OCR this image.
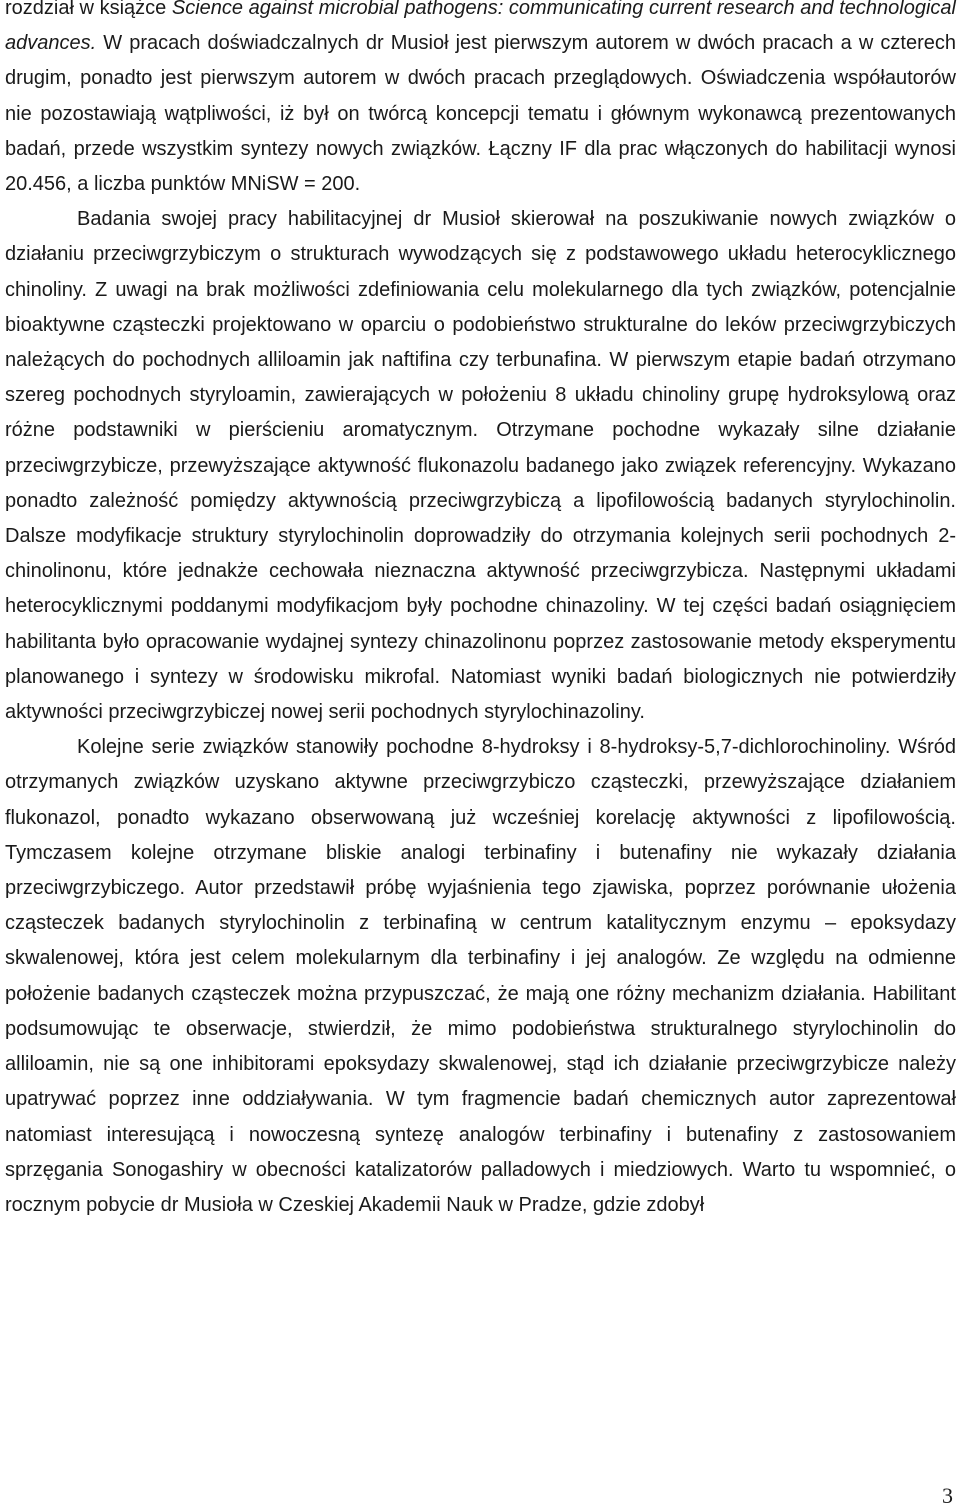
rozdział w książce Science against microbial pathogens: communicating current research and technological advances. W pracach doświadczalnych dr Musioł jest pierwszym autorem w dwóch pracach a w czterech drugim, ponadto jest pierwszym autorem w dwóch pracach przeglądowych. Oświadczenia współautorów nie pozostawiają wątpliwości, iż był on twórcą koncepcji tematu i głównym wykonawcą prezentowanych badań, przede wszystkim syntezy nowych związków. Łączny IF dla prac włączonych do habilitacji wynosi 20.456, a liczba punktów MNiSW = 200.

Badania swojej pracy habilitacyjnej dr Musioł skierował na poszukiwanie nowych związków o działaniu przeciwgrzybiczym o strukturach wywodzących się z podstawowego układu heterocyklicznego chinoliny. Z uwagi na brak możliwości zdefiniowania celu molekularnego dla tych związków, potencjalnie bioaktywne cząsteczki projektowano w oparciu o podobieństwo strukturalne do leków przeciwgrzybiczych należących do pochodnych alliloamin jak naftifina czy terbunafina. W pierwszym etapie badań otrzymano szereg pochodnych styryloamin, zawierających w położeniu 8 układu chinoliny grupę hydroksylową oraz różne podstawniki w pierścieniu aromatycznym. Otrzymane pochodne wykazały silne działanie przeciwgrzybicze, przewyższające aktywność flukonazolu badanego jako związek referencyjny. Wykazano ponadto zależność pomiędzy aktywnością przeciwgrzybiczą a lipofilowością badanych styrylochinolin. Dalsze modyfikacje struktury styrylochinolin doprowadziły do otrzymania kolejnych serii pochodnych 2-chinolinonu, które jednakże cechowała nieznaczna aktywność przeciwgrzybicza. Następnymi układami heterocyklicznymi poddanymi modyfikacjom były pochodne chinazoliny. W tej części badań osiągnięciem habilitanta było opracowanie wydajnej syntezy chinazolinonu poprzez zastosowanie metody eksperymentu planowanego i syntezy w środowisku mikrofal. Natomiast wyniki badań biologicznych nie potwierdziły aktywności przeciwgrzybiczej nowej serii pochodnych styrylochinazoliny.

Kolejne serie związków stanowiły pochodne 8-hydroksy i 8-hydroksy-5,7-dichlorochinoliny. Wśród otrzymanych związków uzyskano aktywne przeciwgrzybiczo cząsteczki, przewyższające działaniem flukonazol, ponadto wykazano obserwowaną już wcześniej korelację aktywności z lipofilowością. Tymczasem kolejne otrzymane bliskie analogi terbinafiny i butenafiny nie wykazały działania przeciwgrzybiczego. Autor przedstawił próbę wyjaśnienia tego zjawiska, poprzez porównanie ułożenia cząsteczek badanych styrylochinolin z terbinafiną w centrum katalitycznym enzymu – epoksydazy skwalenowej, która jest celem molekularnym dla terbinafiny i jej analogów. Ze względu na odmienne położenie badanych cząsteczek można przypuszczać, że mają one różny mechanizm działania. Habilitant podsumowując te obserwacje, stwierdził, że mimo podobieństwa strukturalnego styrylochinolin do alliloamin, nie są one inhibitorami epoksydazy skwalenowej, stąd ich działanie przeciwgrzybicze należy upatrywać poprzez inne oddziaływania. W tym fragmencie badań chemicznych autor zaprezentował natomiast interesującą i nowoczesną syntezę analogów terbinafiny i butenafiny z zastosowaniem sprzęgania Sonogashiry w obecności katalizatorów palladowych i miedziowych. Warto tu wspomnieć, o rocznym pobycie dr Musioła w Czeskiej Akademii Nauk w Pradze, gdzie zdobył

3
